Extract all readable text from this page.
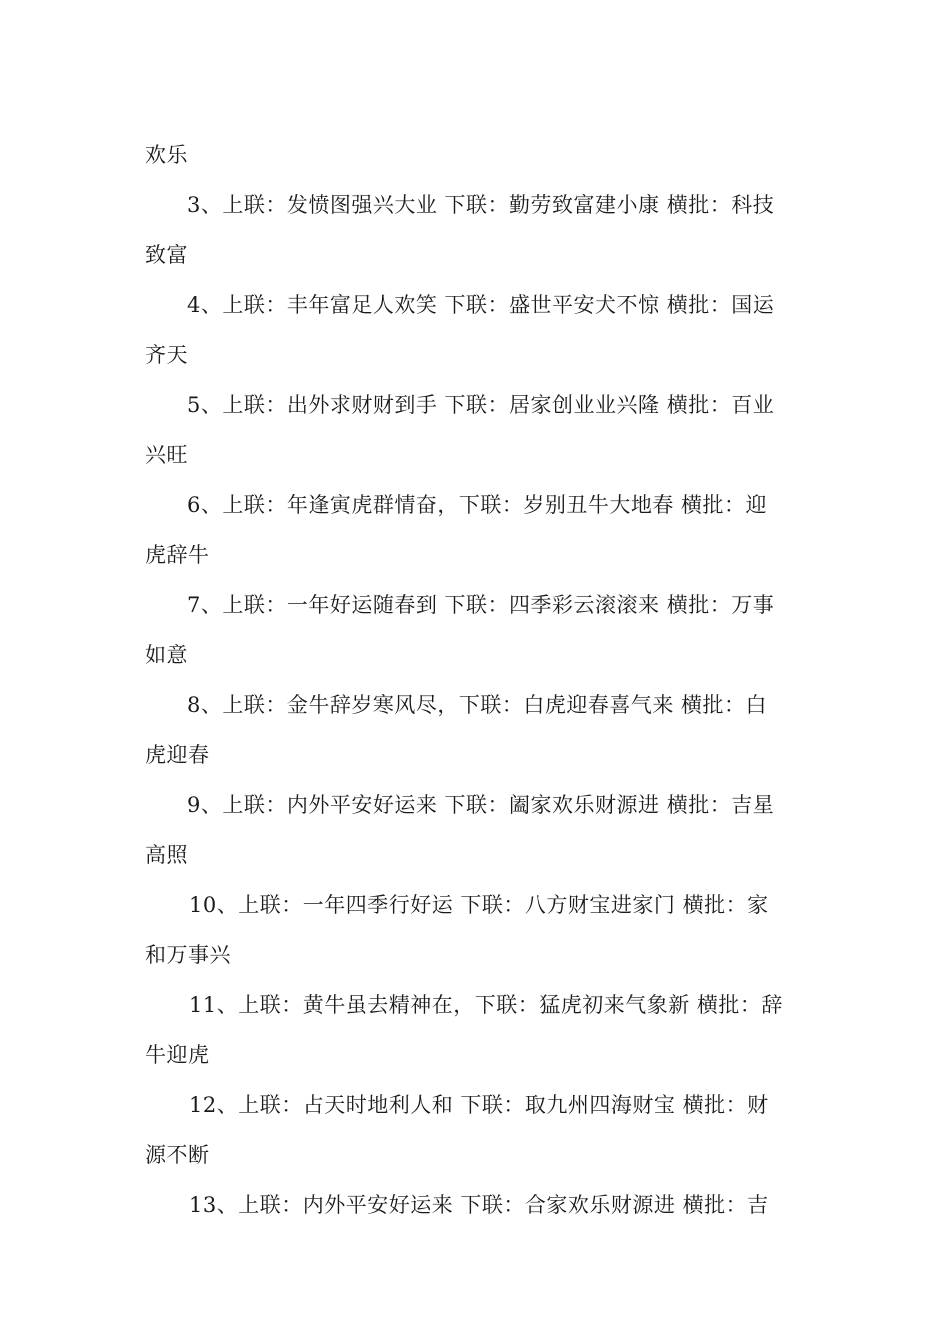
欢乐
3、上联：发愤图强兴大业 下联：勤劳致富建小康 横批：科技
致富
4、上联：丰年富足人欢笑 下联：盛世平安犬不惊 横批：国运
齐天
5、上联：出外求财财到手 下联：居家创业业兴隆 横批：百业
兴旺
6、上联：年逢寅虎群情奋，下联：岁别丑牛大地春 横批：迎
虎辞牛
7、上联：一年好运随春到 下联：四季彩云滚滚来 横批：万事
如意
8、上联：金牛辞岁寒风尽，下联：白虎迎春喜气来 横批：白
虎迎春
9、上联：内外平安好运来 下联：阖家欢乐财源进 横批：吉星
高照
10、上联：一年四季行好运 下联：八方财宝进家门 横批：家
和万事兴
11、上联：黄牛虽去精神在，下联：猛虎初来气象新 横批：辞
牛迎虎
12、上联：占天时地利人和 下联：取九州四海财宝 横批：财
源不断
13、上联：内外平安好运来 下联：合家欢乐财源进 横批：吉
